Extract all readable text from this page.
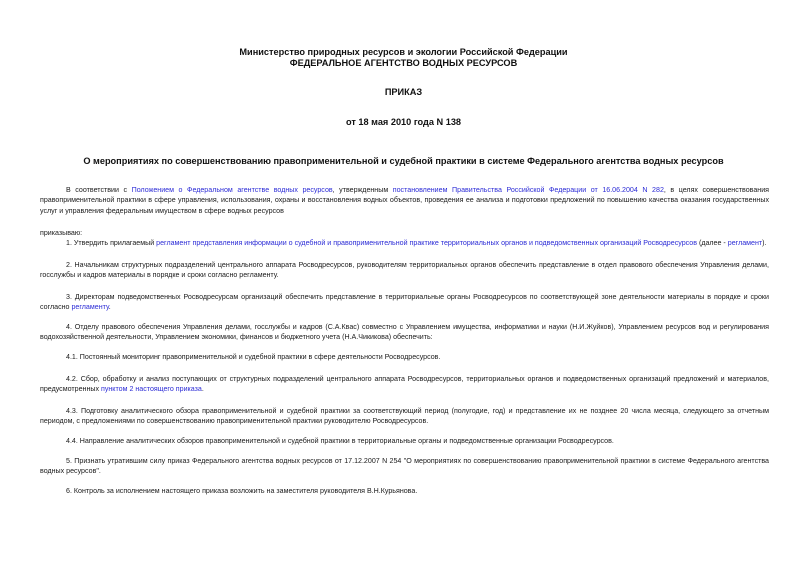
Министерство природных ресурсов и экологии Российской Федерации
ФЕДЕРАЛЬНОЕ АГЕНТСТВО ВОДНЫХ РЕСУРСОВ
ПРИКАЗ
от 18 мая 2010 года N 138
О мероприятиях по совершенствованию правоприменительной и судебной практики в системе Федерального агентства водных ресурсов
В соответствии с Положением о Федеральном агентстве водных ресурсов, утвержденным постановлением Правительства Российской Федерации от 16.06.2004 N 282, в целях совершенствования правоприменительной практики в сфере управления, использования, охраны и восстановления водных объектов, проведения ее анализа и подготовки предложений по повышению качества оказания государственных услуг и управления федеральным имуществом в сфере водных ресурсов
приказываю:
1. Утвердить прилагаемый регламент представления информации о судебной и правоприменительной практике территориальных органов и подведомственных организаций Росводресурсов (далее - регламент).
2. Начальникам структурных подразделений центрального аппарата Росводресурсов, руководителям территориальных органов обеспечить представление в отдел правового обеспечения Управления делами, госслужбы и кадров материалы в порядке и сроки согласно регламенту.
3. Директорам подведомственных Росводресурсам организаций обеспечить представление в территориальные органы Росводресурсов по соответствующей зоне деятельности материалы в порядке и сроки согласно регламенту.
4. Отделу правового обеспечения Управления делами, госслужбы и кадров (С.А.Квас) совместно с Управлением имущества, информатики и науки (Н.И.Жуйков), Управлением ресурсов вод и регулирования водохозяйственной деятельности, Управлением экономики, финансов и бюджетного учета (Н.А.Чикикова) обеспечить:
4.1. Постоянный мониторинг правоприменительной и судебной практики в сфере деятельности Росводресурсов.
4.2. Сбор, обработку и анализ поступающих от структурных подразделений центрального аппарата Росводресурсов, территориальных органов и подведомственных организаций предложений и материалов, предусмотренных пунктом 2 настоящего приказа.
4.3. Подготовку аналитического обзора правоприменительной и судебной практики за соответствующий период (полугодие, год) и представление их не позднее 20 числа месяца, следующего за отчетным периодом, с предложениями по совершенствованию правоприменительной практики руководителю Росводресурсов.
4.4. Направление аналитических обзоров правоприменительной и судебной практики в территориальные органы и подведомственные организации Росводресурсов.
5. Признать утратившим силу приказ Федерального агентства водных ресурсов от 17.12.2007 N 254 "О мероприятиях по совершенствованию правоприменительной практики в системе Федерального агентства водных ресурсов".
6. Контроль за исполнением настоящего приказа возложить на заместителя руководителя В.Н.Курьянова.
